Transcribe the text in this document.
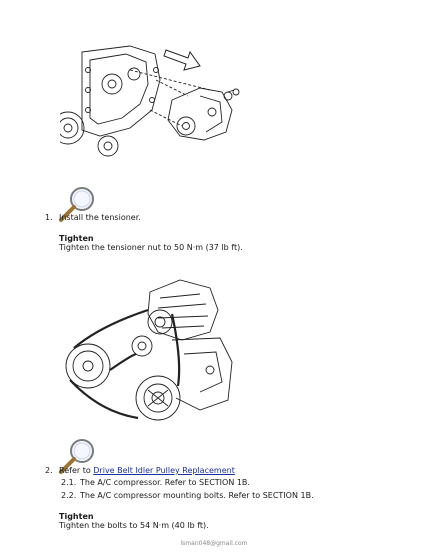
1. Install the tensioner.
Tighten
Tighten the tensioner nut to 50 N·m (37 lb ft).
2. Refer to Drive Belt Idler Pulley Replacement
2.1. The A/C compressor. Refer to SECTION 1B.
2.2. The A/C compressor mounting bolts. Refer to SECTION 1B.
Tighten
Tighten the bolts to 54 N·m (40 lb ft).
lsman048@gmail.com
